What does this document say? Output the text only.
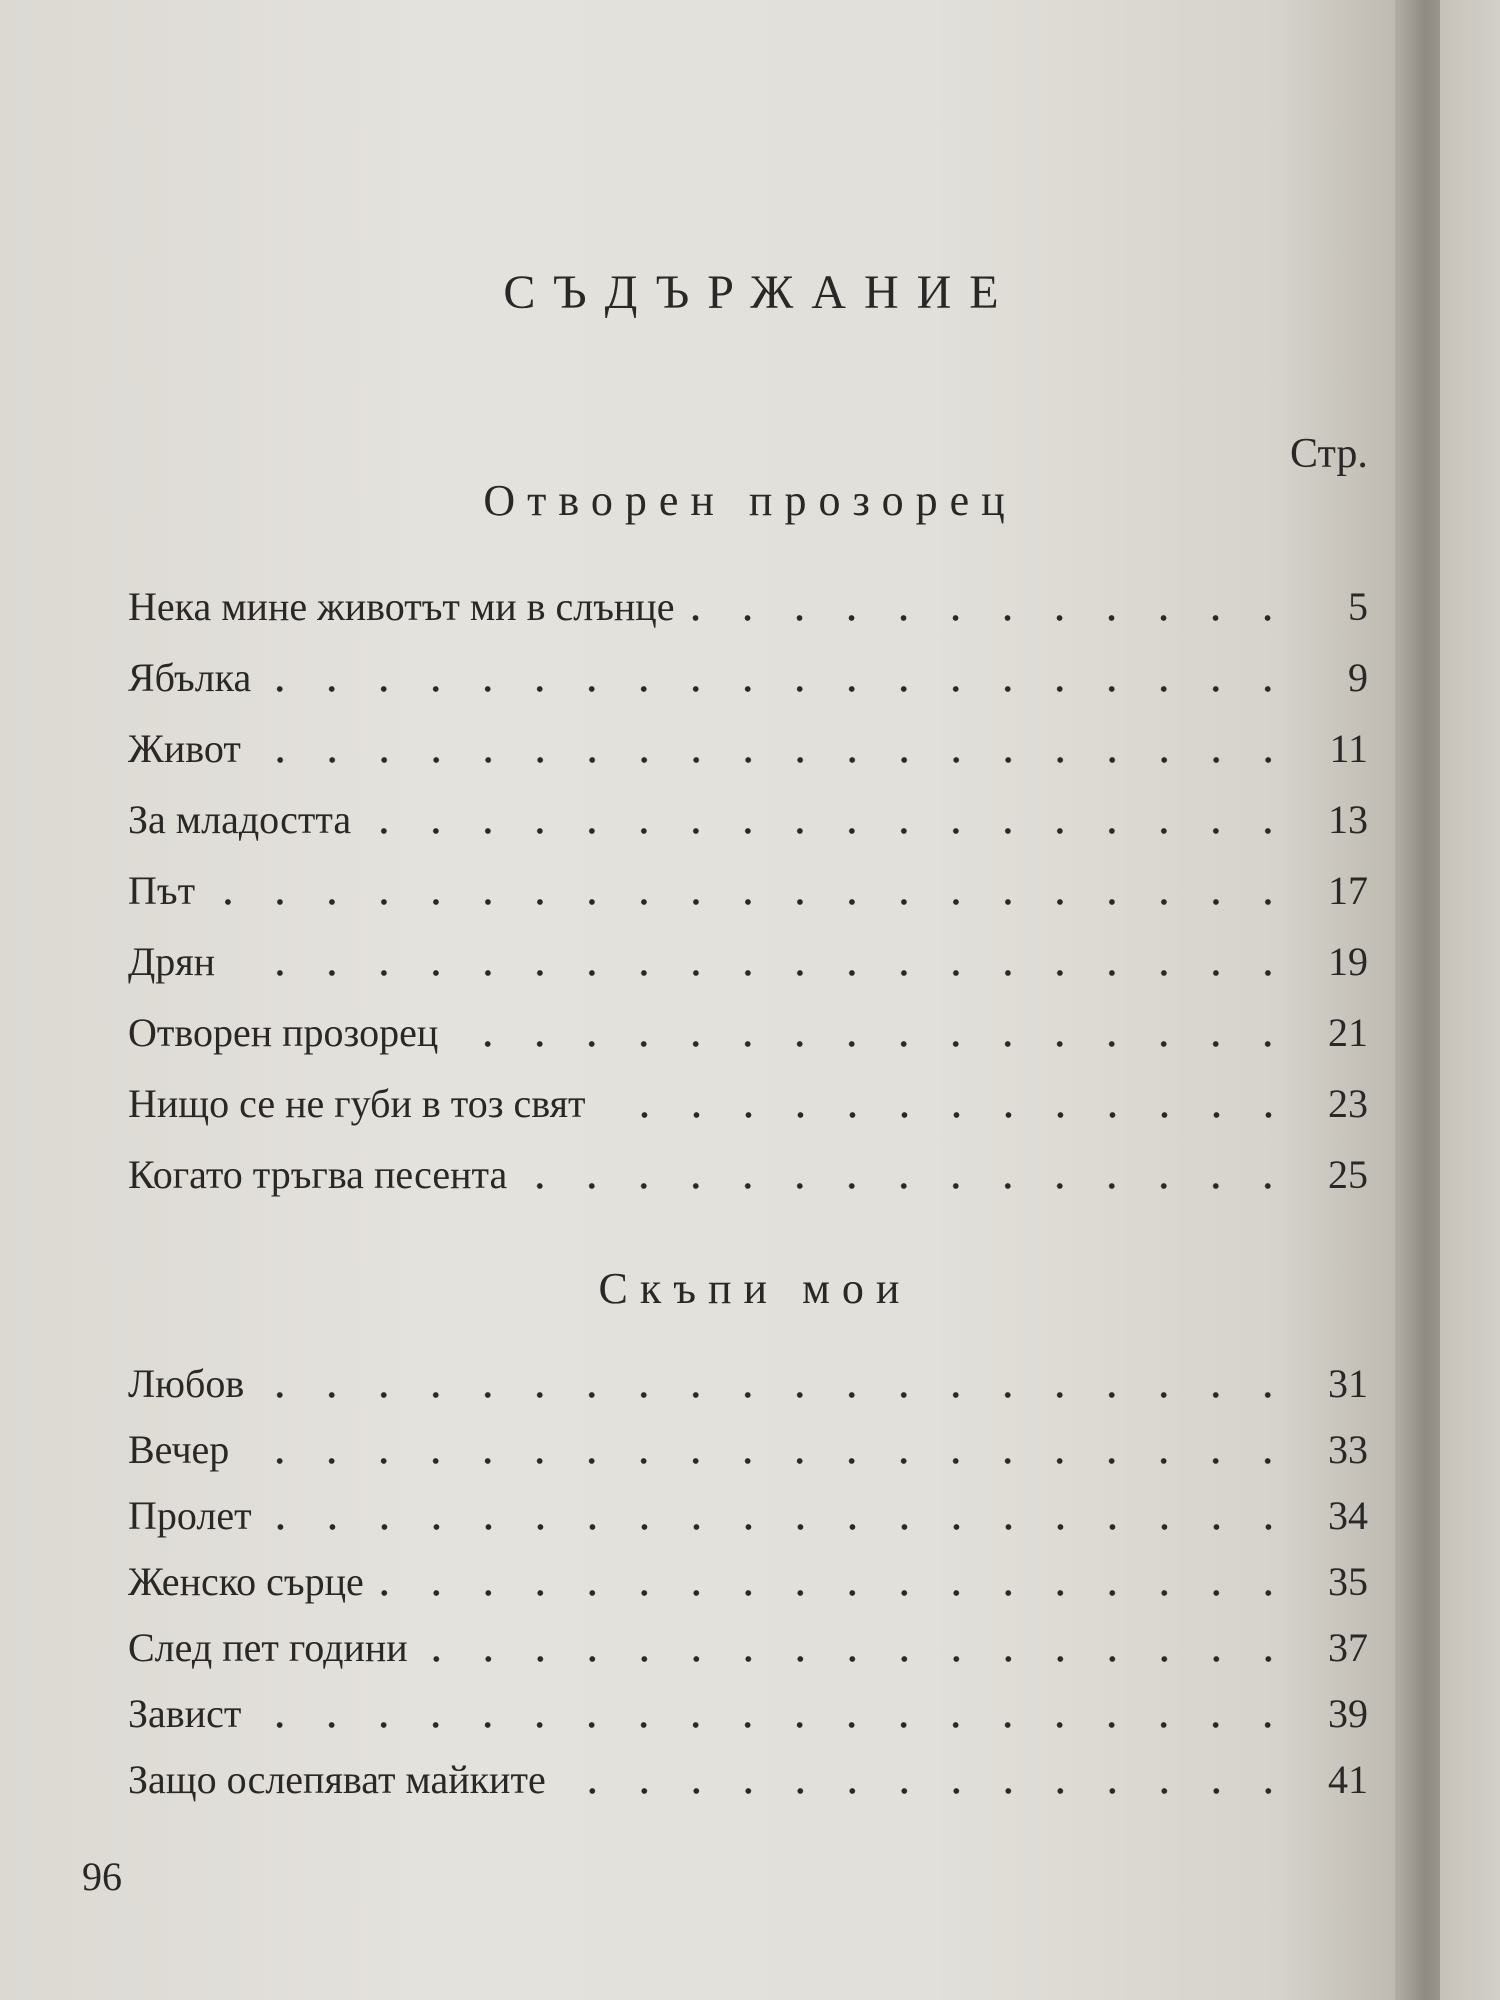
СЪДЪРЖАНИЕ
Стр.
Отворен прозорец
Нека мине животът ми в слънце	5
Ябълка	9
Живот	11
За младостта	13
Път	17
Дрян	19
Отворен прозорец	21
Нищо се не губи в тоз свят	23
Когато тръгва песента	25
Скъпи мои
Любов	31
Вечер	33
Пролет	34
Женско сърце	35
След пет години	37
Завист	39
Защо ослепяват майките	41
96
